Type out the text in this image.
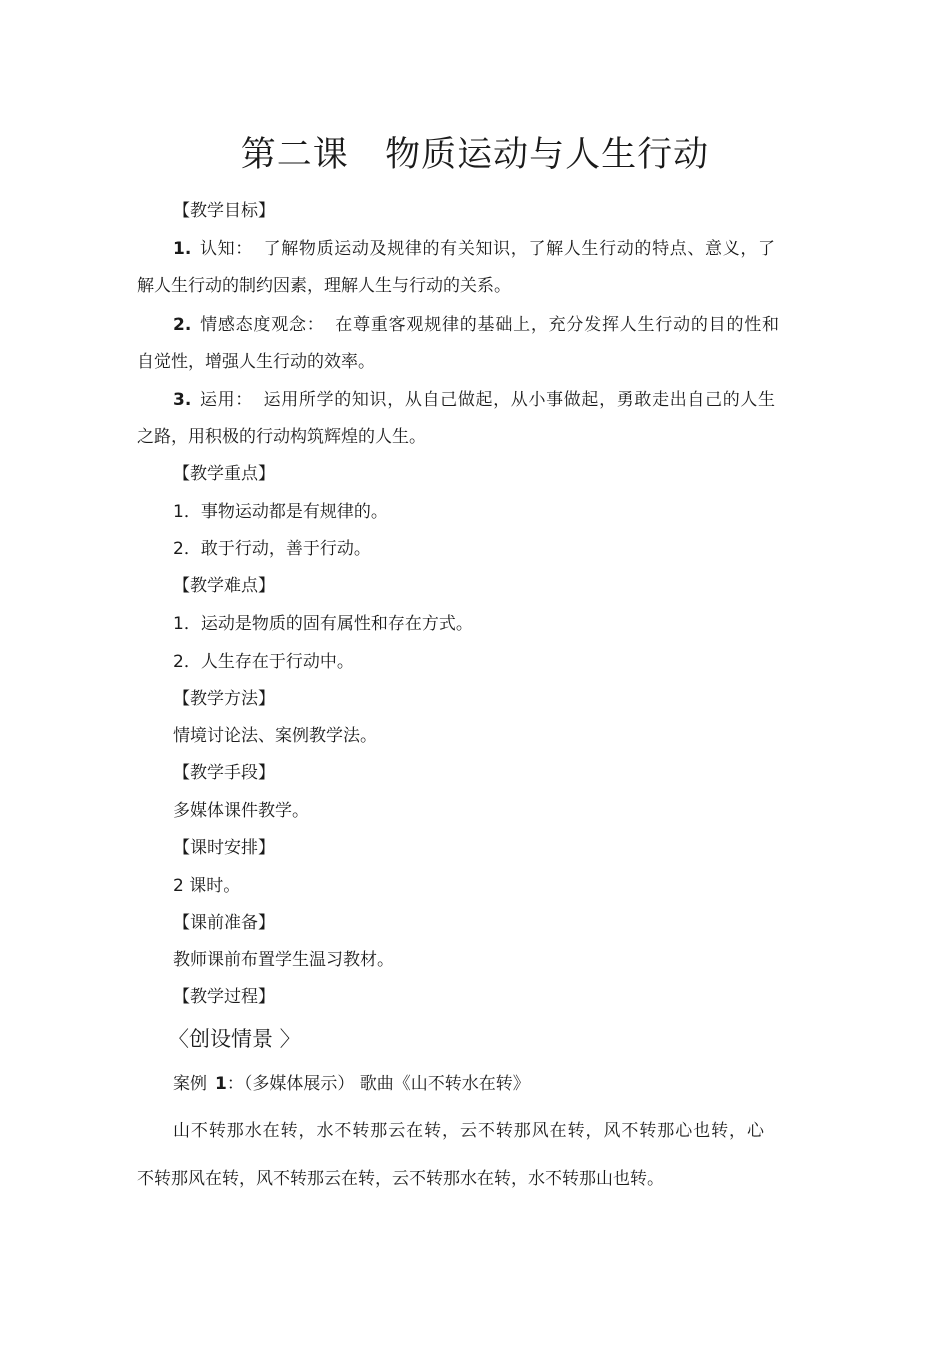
第二课   物质运动与人生行动
【教学目标】
1. 认知： 了解物质运动及规律的有关知识，了解人生行动的特点、意义，了
解人生行动的制约因素，理解人生与行动的关系。
2. 情感态度观念： 在尊重客观规律的基础上，充分发挥人生行动的目的性和
自觉性，增强人生行动的效率。
3. 运用： 运用所学的知识，从自己做起，从小事做起，勇敢走出自己的人生
之路，用积极的行动构筑辉煌的人生。
【教学重点】
1．事物运动都是有规律的。
2．敢于行动，善于行动。
【教学难点】
1．运动是物质的固有属性和存在方式。
2．人生存在于行动中。
【教学方法】
情境讨论法、案例教学法。
【教学手段】
多媒体课件教学。
【课时安排】
2 课时。
【课前准备】
教师课前布置学生温习教材。
【教学过程】
〈创设情景 〉
案例 1：（多媒体展示） 歌曲《山不转水在转》
山不转那水在转，水不转那云在转，云不转那风在转，风不转那心也转，心
不转那风在转，风不转那云在转，云不转那水在转，水不转那山也转。
